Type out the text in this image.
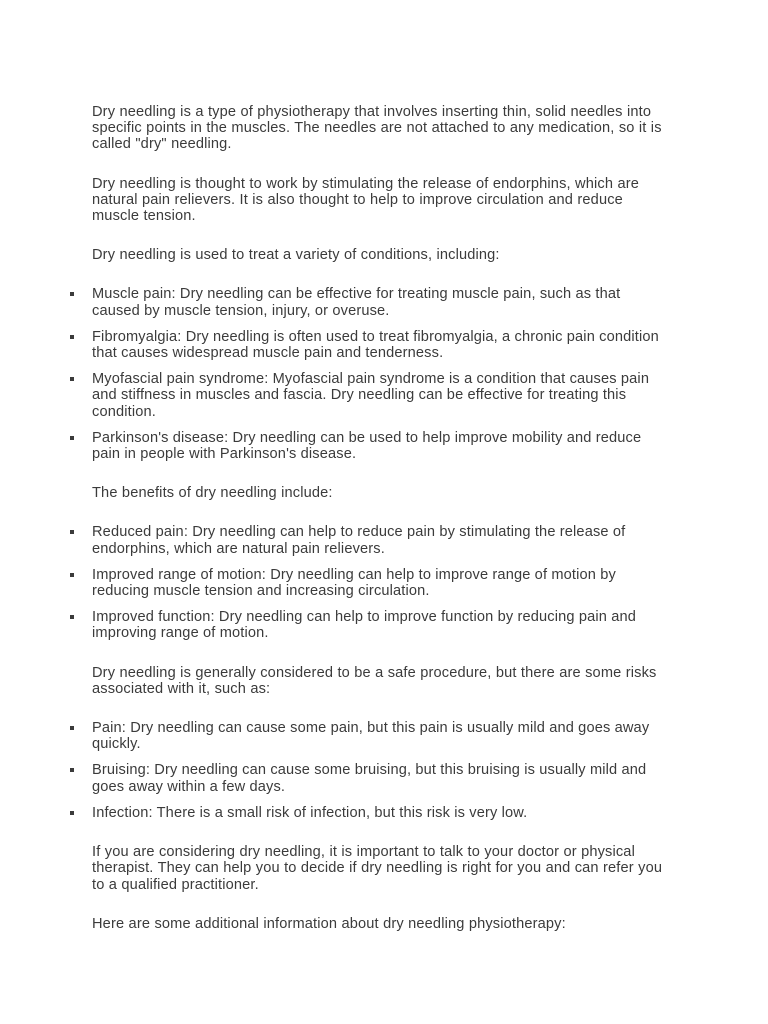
Dry needling is a type of physiotherapy that involves inserting thin, solid needles into specific points in the muscles. The needles are not attached to any medication, so it is called "dry" needling.

Dry needling is thought to work by stimulating the release of endorphins, which are natural pain relievers. It is also thought to help to improve circulation and reduce muscle tension.

Dry needling is used to treat a variety of conditions, including:

Muscle pain: Dry needling can be effective for treating muscle pain, such as that caused by muscle tension, injury, or overuse.
Fibromyalgia: Dry needling is often used to treat fibromyalgia, a chronic pain condition that causes widespread muscle pain and tenderness.
Myofascial pain syndrome: Myofascial pain syndrome is a condition that causes pain and stiffness in muscles and fascia. Dry needling can be effective for treating this condition.
Parkinson's disease: Dry needling can be used to help improve mobility and reduce pain in people with Parkinson's disease.

The benefits of dry needling include:

Reduced pain: Dry needling can help to reduce pain by stimulating the release of endorphins, which are natural pain relievers.
Improved range of motion: Dry needling can help to improve range of motion by reducing muscle tension and increasing circulation.
Improved function: Dry needling can help to improve function by reducing pain and improving range of motion.

Dry needling is generally considered to be a safe procedure, but there are some risks associated with it, such as:

Pain: Dry needling can cause some pain, but this pain is usually mild and goes away quickly.
Bruising: Dry needling can cause some bruising, but this bruising is usually mild and goes away within a few days.
Infection: There is a small risk of infection, but this risk is very low.

If you are considering dry needling, it is important to talk to your doctor or physical therapist. They can help you to decide if dry needling is right for you and can refer you to a qualified practitioner.

Here are some additional information about dry needling physiotherapy:
